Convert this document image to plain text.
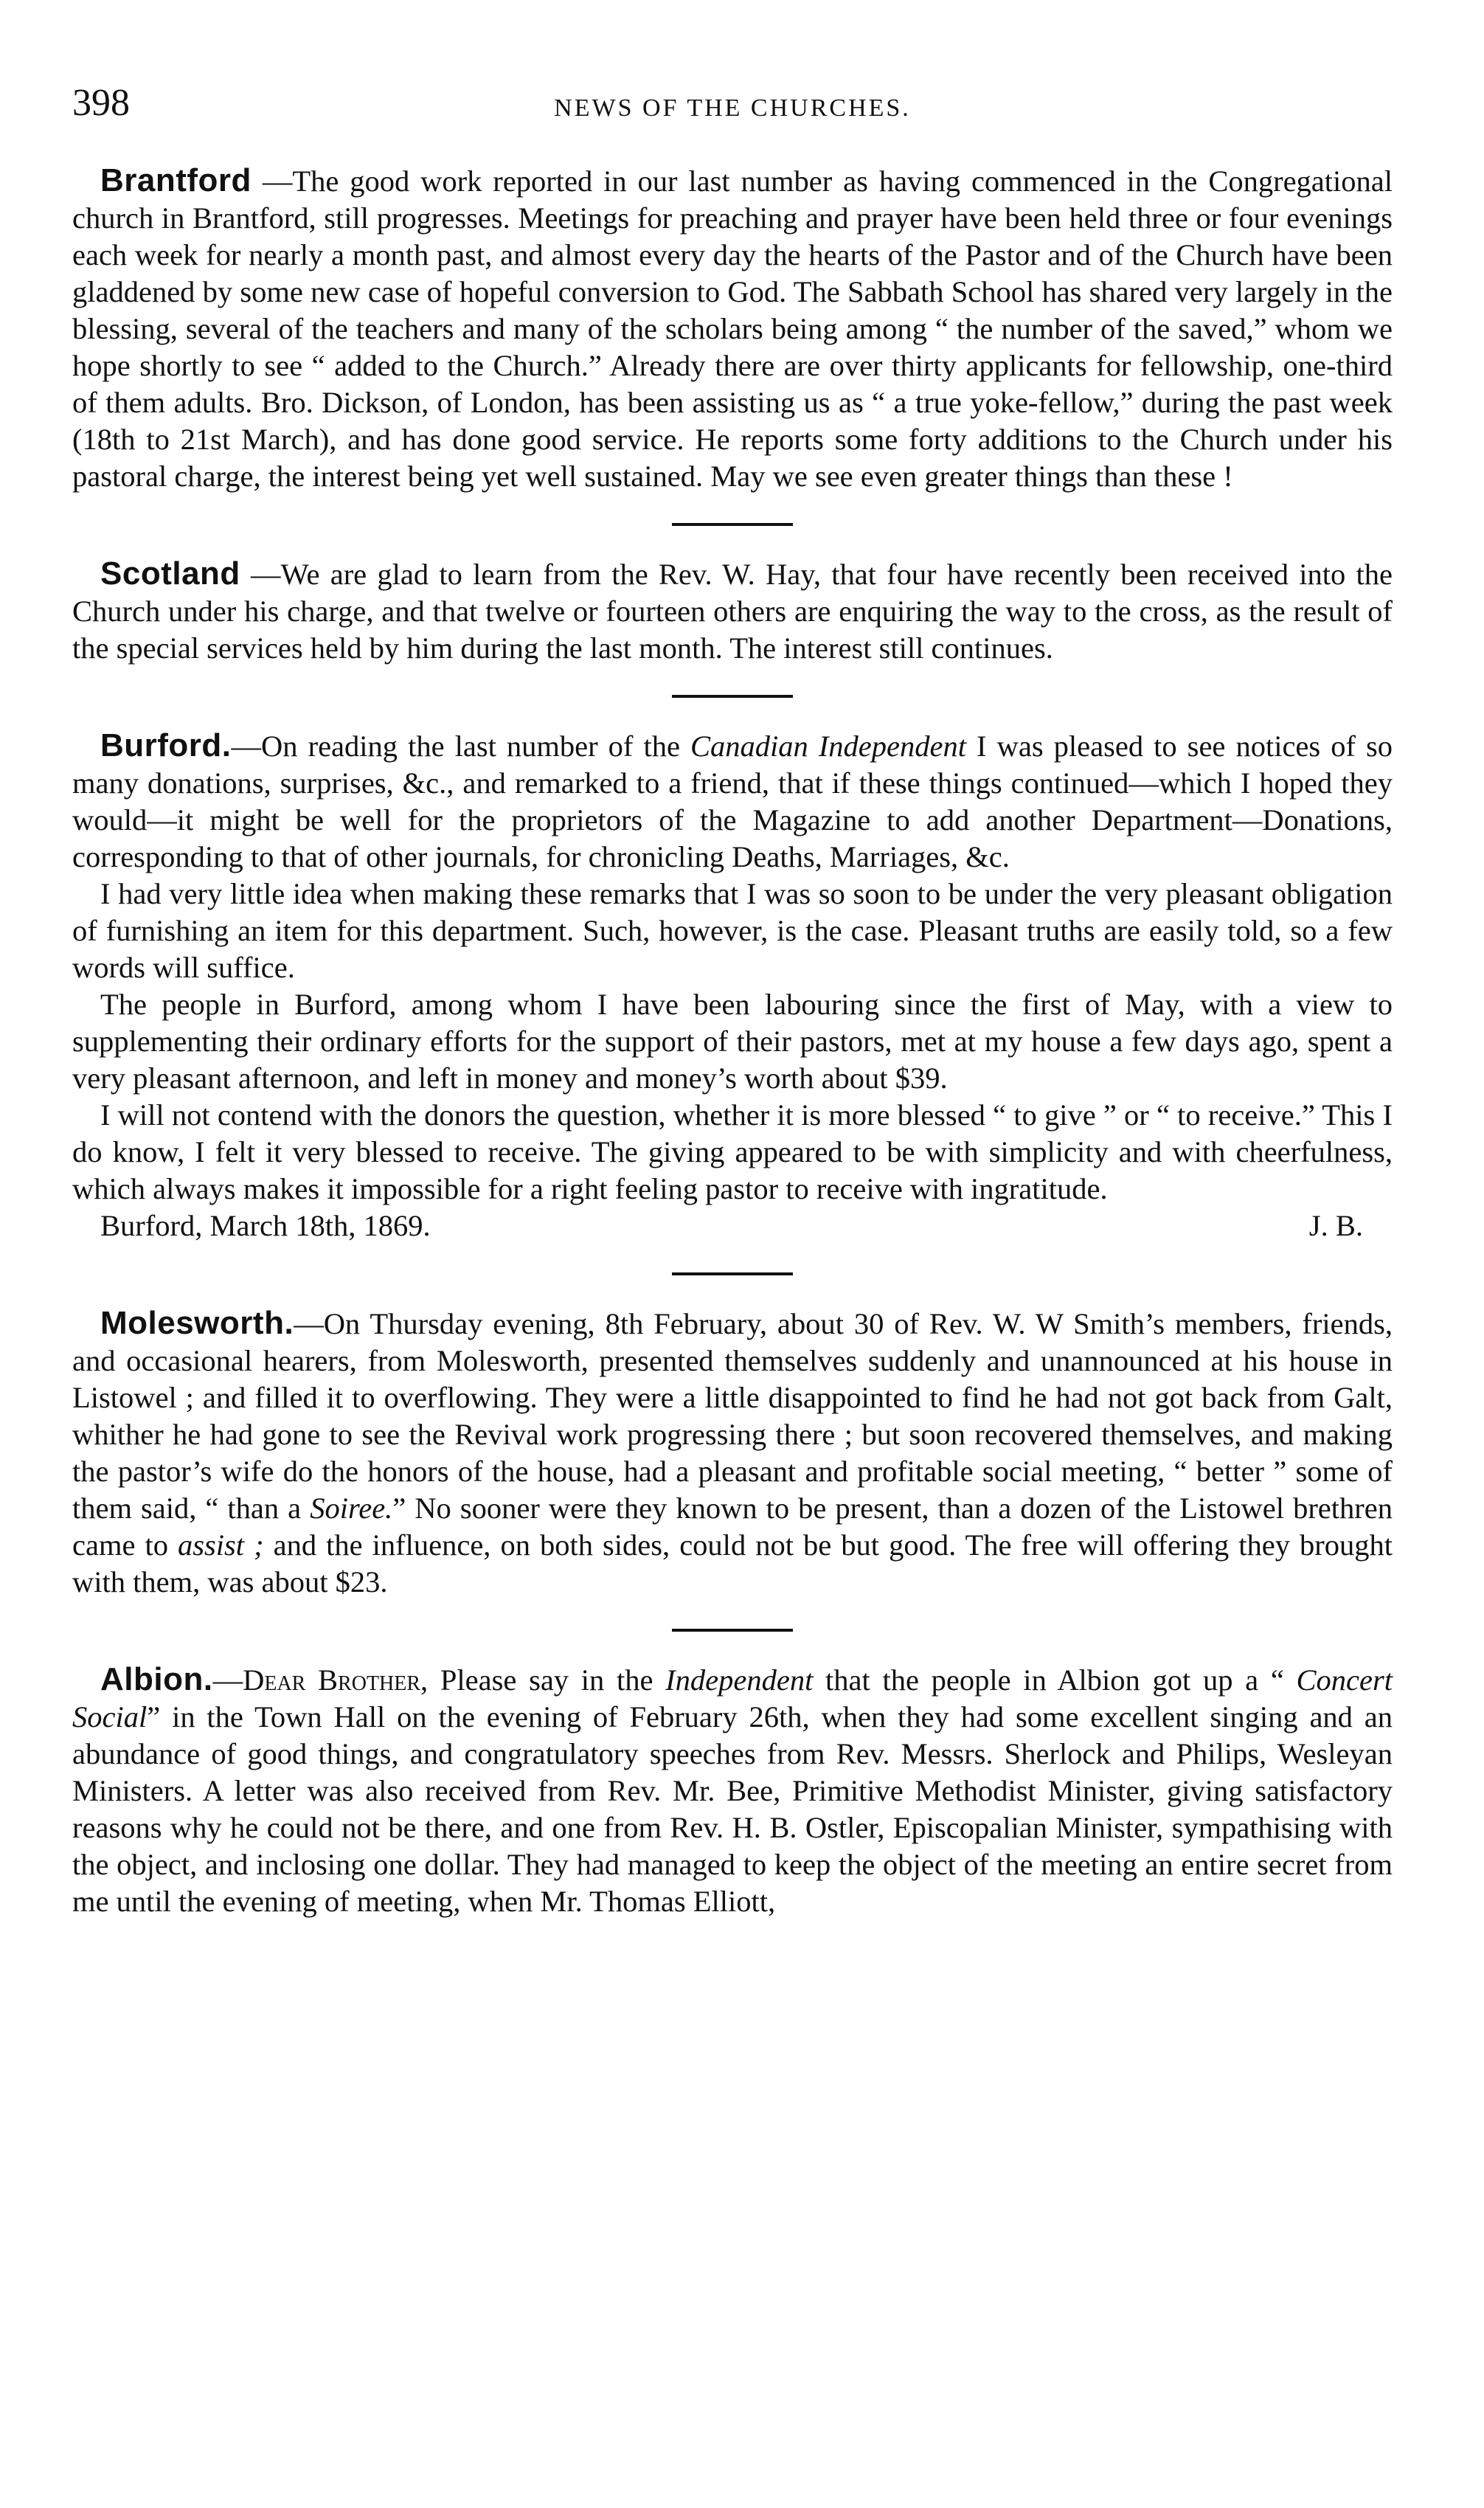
398	NEWS OF THE CHURCHES.

Brantford —The good work reported in our last number as having commenced in the Congregational church in Brantford, still progresses. Meetings for preaching and prayer have been held three or four evenings each week for nearly a month past, and almost every day the hearts of the Pastor and of the Church have been gladdened by some new case of hopeful conversion to God. The Sabbath School has shared very largely in the blessing, several of the teachers and many of the scholars being among “ the number of the saved,” whom we hope shortly to see “ added to the Church.” Already there are over thirty applicants for fellowship, one-third of them adults. Bro. Dickson, of London, has been assisting us as “ a true yoke-fellow,” during the past week (18th to 21st March), and has done good service. He reports some forty additions to the Church under his pastoral charge, the interest being yet well sustained. May we see even greater things than these !

Scotland —We are glad to learn from the Rev. W. Hay, that four have recently been received into the Church under his charge, and that twelve or fourteen others are enquiring the way to the cross, as the result of the special services held by him during the last month. The interest still continues.

Burford.—On reading the last number of the Canadian Independent I was pleased to see notices of so many donations, surprises, &c., and remarked to a friend, that if these things continued—which I hoped they would—it might be well for the proprietors of the Magazine to add another Department—Donations, corresponding to that of other journals, for chronicling Deaths, Marriages, &c.

I had very little idea when making these remarks that I was so soon to be under the very pleasant obligation of furnishing an item for this department. Such, however, is the case. Pleasant truths are easily told, so a few words will suffice.

The people in Burford, among whom I have been labouring since the first of May, with a view to supplementing their ordinary efforts for the support of their pastors, met at my house a few days ago, spent a very pleasant afternoon, and left in money and money’s worth about $39.

I will not contend with the donors the question, whether it is more blessed “ to give ” or “ to receive.” This I do know, I felt it very blessed to receive. The giving appeared to be with simplicity and with cheerfulness, which always makes it impossible for a right feeling pastor to receive with ingratitude.

Burford, March 18th, 1869.	J. B.

Molesworth.—On Thursday evening, 8th February, about 30 of Rev. W. W Smith’s members, friends, and occasional hearers, from Molesworth, presented themselves suddenly and unannounced at his house in Listowel ; and filled it to overflowing. They were a little disappointed to find he had not got back from Galt, whither he had gone to see the Revival work progressing there ; but soon recovered themselves, and making the pastor’s wife do the honors of the house, had a pleasant and profitable social meeting, “ better ” some of them said, “ than a Soiree.” No sooner were they known to be present, than a dozen of the Listowel brethren came to assist ; and the influence, on both sides, could not be but good. The free will offering they brought with them, was about $23.

Albion.—Dear Brother, Please say in the Independent that the people in Albion got up a “ Concert Social” in the Town Hall on the evening of February 26th, when they had some excellent singing and an abundance of good things, and congratulatory speeches from Rev. Messrs. Sherlock and Philips, Wesleyan Ministers. A letter was also received from Rev. Mr. Bee, Primitive Methodist Minister, giving satisfactory reasons why he could not be there, and one from Rev. H. B. Ostler, Episcopalian Minister, sympathising with the object, and inclosing one dollar. They had managed to keep the object of the meeting an entire secret from me until the evening of meeting, when Mr. Thomas Elliott,
